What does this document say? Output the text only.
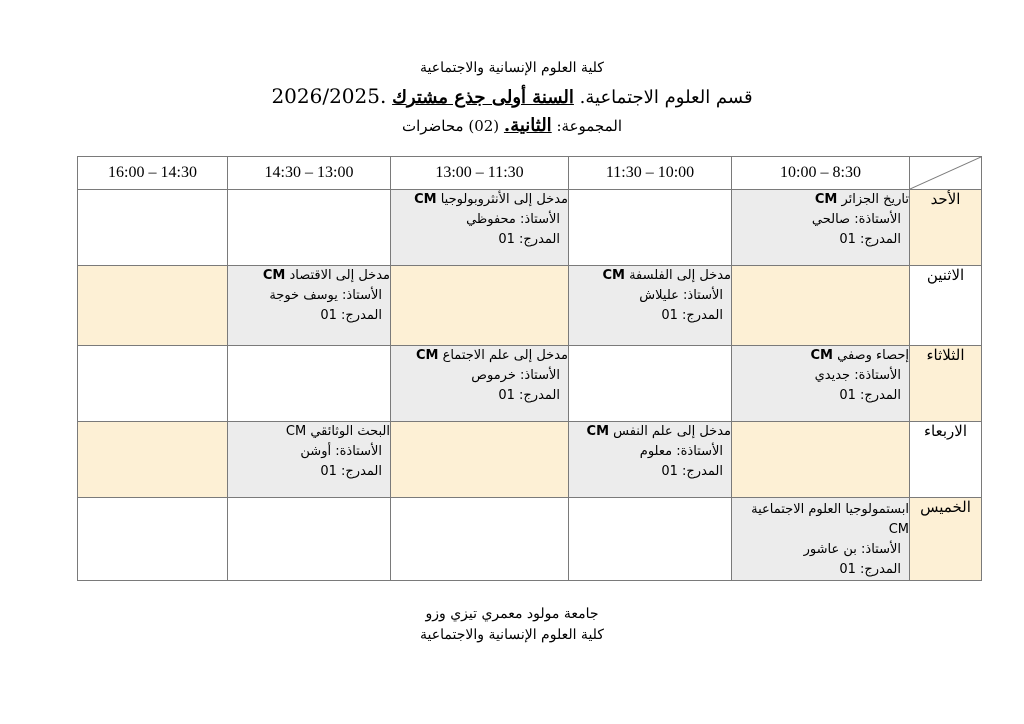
كلية العلوم الإنسانية والاجتماعية
قسم العلوم الاجتماعية. السنة أولى جذع مشترك .2026/2025
المجموعة: الثانية. (02) محاضرات
	10:00 – 8:30	11:30 – 10:00	13:00 – 11:30	14:30 – 13:00	16:00 – 14:30
الأحد	تاريخ الجزائر CM
الأستاذة: صالحي
المدرج: 01		مدخل إلى الأنثروبولوجيا CM
الأستاذ: محفوظي
المدرج: 01		

الاثنين		مدخل إلى الفلسفة CM
الأستاذ: عليلاش
المدرج: 01		مدخل إلى الاقتصاد CM
الأستاذ: يوسف خوجة
المدرج: 01	

الثلاثاء	إحصاء وصفي CM
الأستاذة: جديدي
المدرج: 01		مدخل إلى علم الاجتماع CM
الأستاذ: خرموص
المدرج: 01		

الاربعاء		مدخل إلى علم النفس CM
الأستاذة: معلوم
المدرج: 01		البحث الوثائقي CM
الأستاذة: أوشن
المدرج: 01	

الخميس	ابستمولوجيا العلوم الاجتماعية CM
الأستاذ: بن عاشور
المدرج: 01				

جامعة مولود معمري تيزي وزو
كلية العلوم الإنسانية والاجتماعية
